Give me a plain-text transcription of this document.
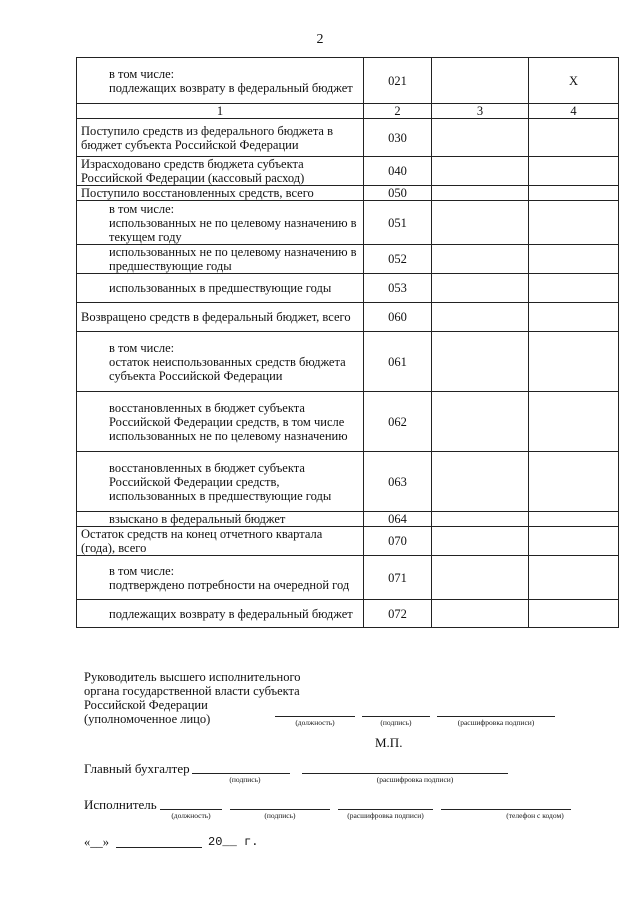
2
в том числе:
подлежащих возврату в федеральный бюджет	021		X
1	2	3	4
Поступило средств из федерального бюджета в бюджет субъекта Российской Федерации	030		
Израсходовано средств бюджета субъекта Российской Федерации (кассовый расход)	040		
Поступило восстановленных средств, всего	050		
в том числе:
использованных не по целевому назначению в текущем году	051		
использованных не по целевому назначению в предшествующие годы	052		
использованных в предшествующие годы	053		
Возвращено средств в федеральный бюджет, всего	060		
в том числе:
остаток неиспользованных средств бюджета субъекта Российской Федерации	061		
восстановленных в бюджет субъекта Российской Федерации средств, в том числе использованных не по целевому назначению	062		
восстановленных в бюджет субъекта Российской Федерации средств, использованных в предшествующие годы	063		
взыскано в федеральный бюджет	064		
Остаток средств на конец отчетного квартала (года), всего	070		
в том числе:
подтверждено потребности на очередной год	071		
подлежащих возврату в федеральный бюджет	072		
Руководитель высшего исполнительного
органа государственной власти субъекта
Российской Федерации
(уполномоченное лицо)	(должность)	(подпись)	(расшифровка подписи)
М.П.
Главный бухгалтер
(подпись)	(расшифровка подписи)
Исполнитель
(должность)	(подпись)	(расшифровка подписи)	(телефон с кодом)
«__»	20__ г.
